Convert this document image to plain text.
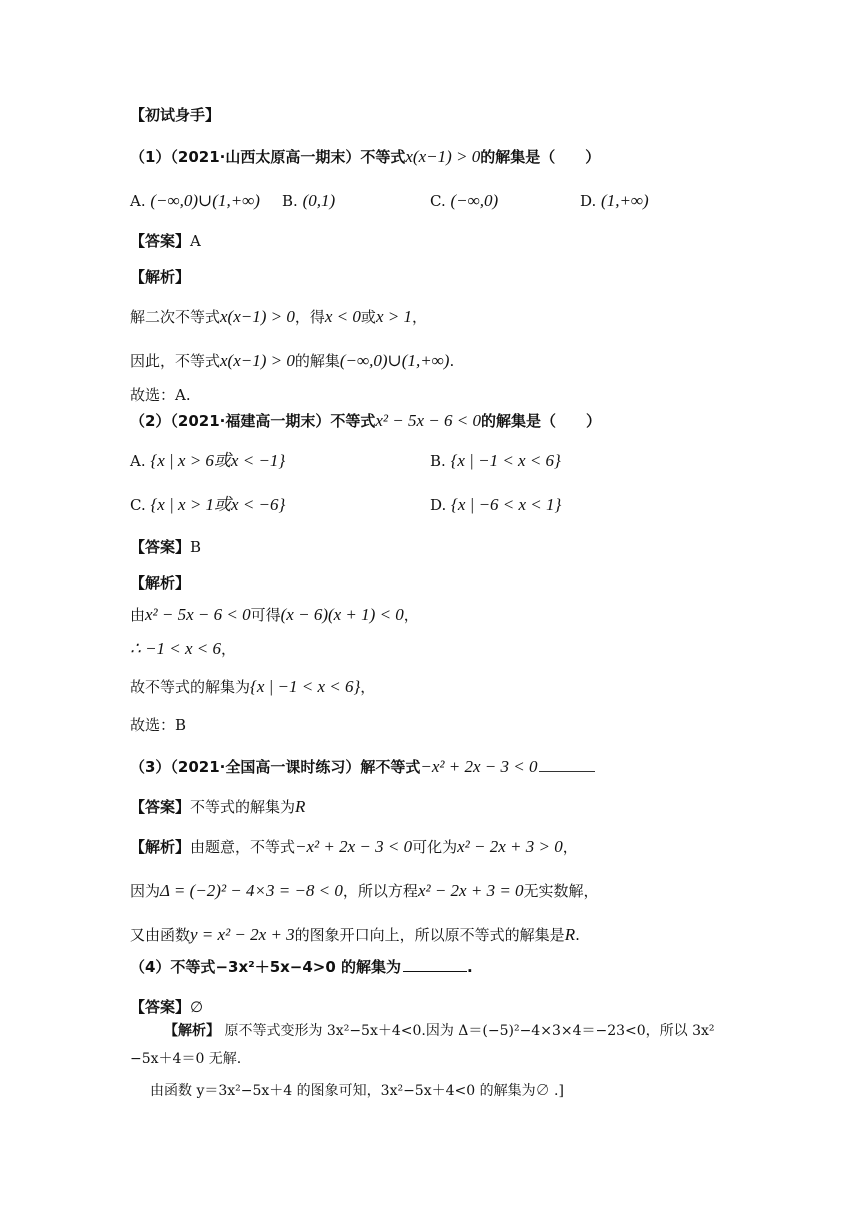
【初试身手】
（1）（2021·山西太原高一期末）不等式x(x−1) > 0的解集是（　　）
A. (−∞,0)∪(1,+∞) B. (0,1)	C. (−∞,0)	D. (1,+∞)
【答案】A
【解析】
解二次不等式x(x−1) > 0，得x < 0或x > 1，
因此，不等式x(x−1) > 0的解集(−∞,0)∪(1,+∞).
故选：A.
（2）（2021·福建高一期末）不等式x² − 5x − 6 < 0的解集是（　　）
A. {x | x > 6或x < −1}	B. {x | −1 < x < 6}
C. {x | x > 1或x < −6}	D. {x | −6 < x < 1}
【答案】B
【解析】
由x² − 5x − 6 < 0可得(x − 6)(x + 1) < 0，
∴ −1 < x < 6，
故不等式的解集为{x | −1 < x < 6}，
故选：B
（3）（2021·全国高一课时练习）解不等式−x² + 2x − 3 < 0
【答案】不等式的解集为R
【解析】由题意，不等式−x² + 2x − 3 < 0可化为x² − 2x + 3 > 0，
因为Δ = (−2)² − 4×3 = −8 < 0，所以方程x² − 2x + 3 = 0无实数解，
又由函数y = x² − 2x + 3的图象开口向上，所以原不等式的解集是R.
（4）不等式−3x²＋5x−4>0 的解集为	.
【答案】∅
【解析】 原不等式变形为 3x²−5x＋4<0.因为 Δ＝(−5)²−4×3×4＝−23<0，所以 3x²
−5x＋4＝0 无解.
由函数 y＝3x²−5x＋4 的图象可知，3x²−5x＋4<0 的解集为∅ .]
